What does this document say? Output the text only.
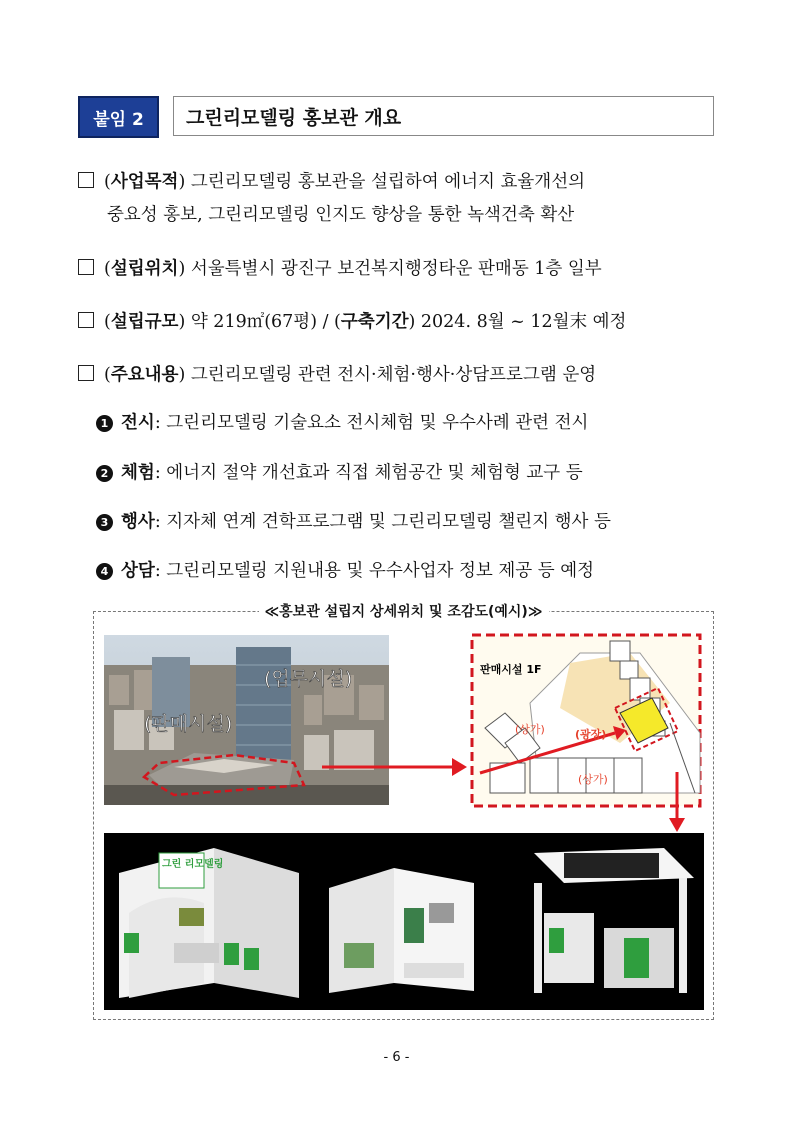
붙임 2	그린리모델링 홍보관 개요
(사업목적) 그린리모델링 홍보관을 설립하여 에너지 효율개선의
중요성 홍보, 그린리모델링 인지도 향상을 통한 녹색건축 확산
(설립위치) 서울특별시 광진구 보건복지행정타운 판매동 1층 일부
(설립규모) 약 219㎡(67평) / (구축기간) 2024. 8월 ~ 12월末 예정
(주요내용) 그린리모델링 관련 전시·체험·행사·상담프로그램 운영
1 전시: 그린리모델링 기술요소 전시체험 및 우수사례 관련 전시
2 체험: 에너지 절약 개선효과 직접 체험공간 및 체험형 교구 등
3 행사: 지자체 연계 견학프로그램 및 그린리모델링 챌린지 행사 등
4 상담: 그린리모델링 지원내용 및 우수사업자 정보 제공 등 예정
≪홍보관 설립지 상세위치 및 조감도(예시)≫
(업무시설)
(판매시설)
판매시설 1F
(상가)	(광장)
(상가)
그린 리모델링
- 6 -
